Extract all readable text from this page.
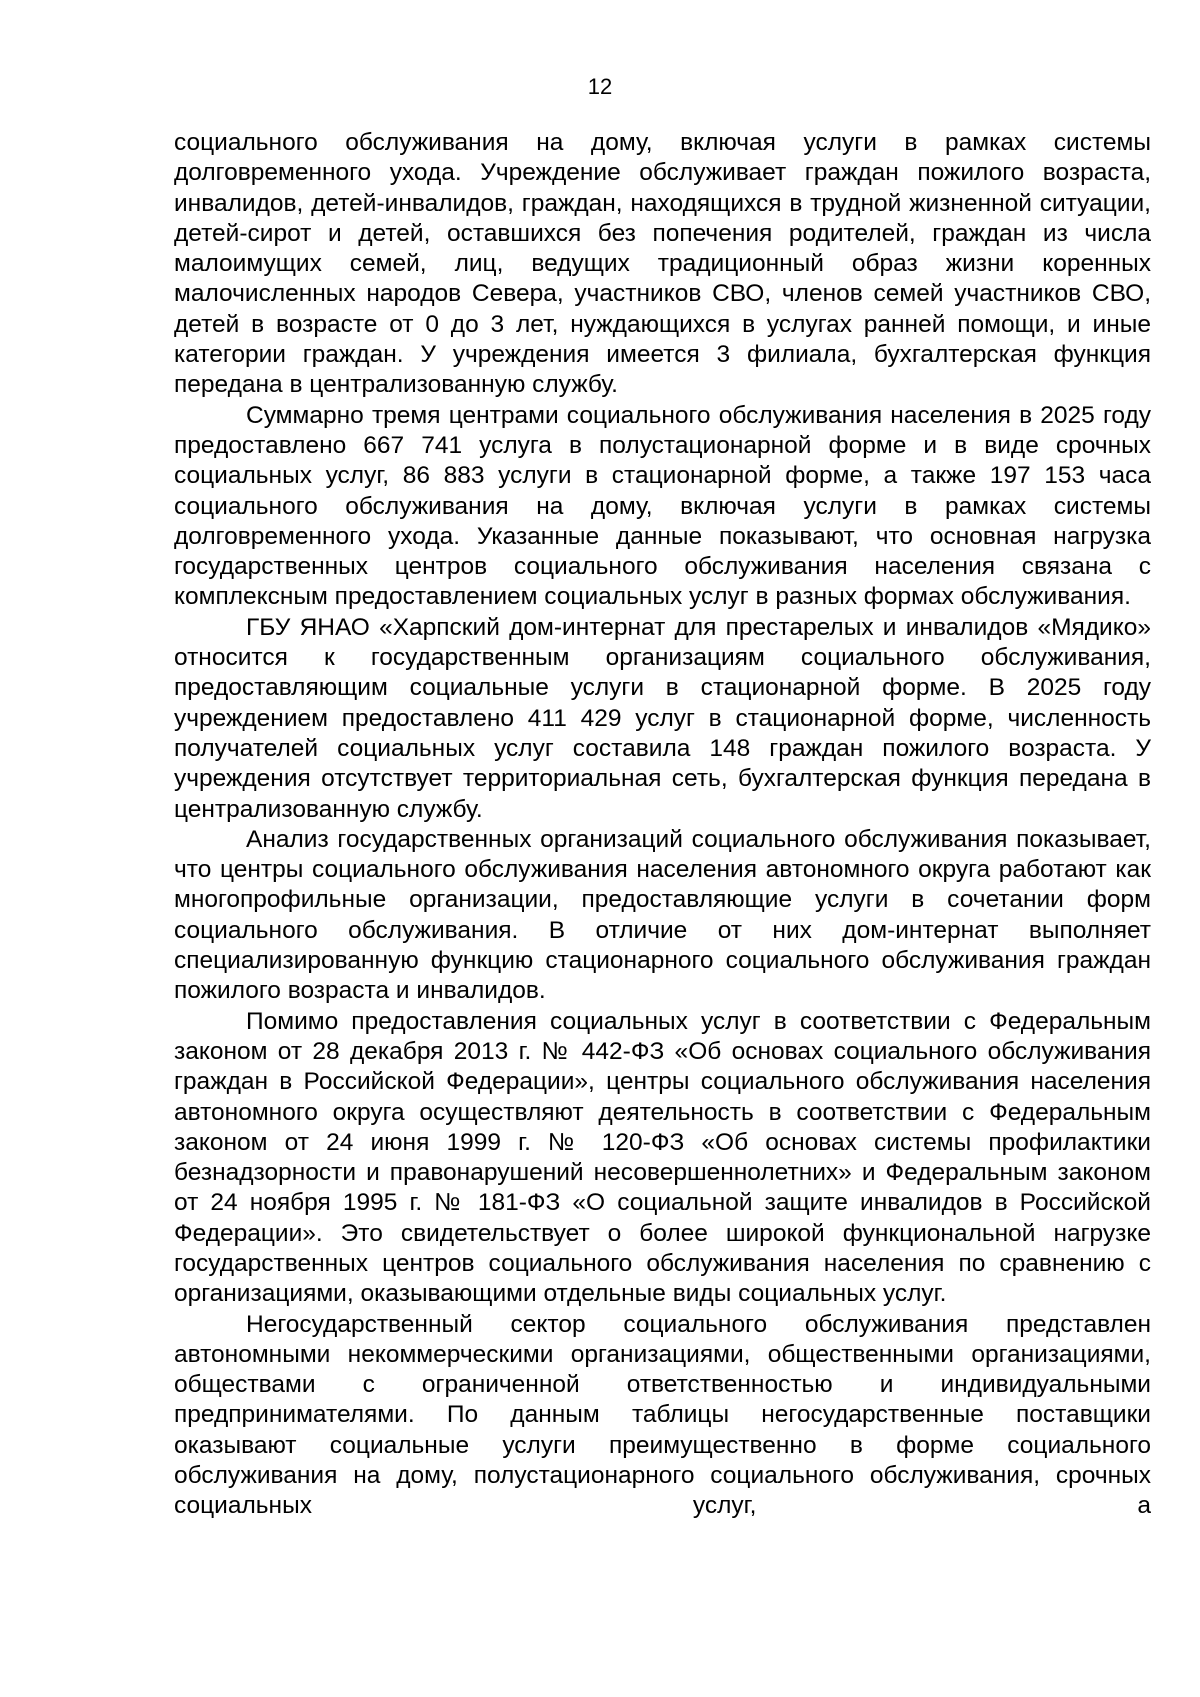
12

социального обслуживания на дому, включая услуги в рамках системы долговременного ухода. Учреждение обслуживает граждан пожилого возраста, инвалидов, детей-инвалидов, граждан, находящихся в трудной жизненной ситуации, детей-сирот и детей, оставшихся без попечения родителей, граждан из числа малоимущих семей, лиц, ведущих традиционный образ жизни коренных малочисленных народов Севера, участников СВО, членов семей участников СВО, детей в возрасте от 0 до 3 лет, нуждающихся в услугах ранней помощи, и иные категории граждан. У учреждения имеется 3 филиала, бухгалтерская функция передана в централизованную службу.

Суммарно тремя центрами социального обслуживания населения в 2025 году предоставлено 667 741 услуга в полустационарной форме и в виде срочных социальных услуг, 86 883 услуги в стационарной форме, а также 197 153 часа социального обслуживания на дому, включая услуги в рамках системы долговременного ухода. Указанные данные показывают, что основная нагрузка государственных центров социального обслуживания населения связана с комплексным предоставлением социальных услуг в разных формах обслуживания.

ГБУ ЯНАО «Харпский дом-интернат для престарелых и инвалидов «Мядико» относится к государственным организациям социального обслуживания, предоставляющим социальные услуги в стационарной форме. В 2025 году учреждением предоставлено 411 429 услуг в стационарной форме, численность получателей социальных услуг составила 148 граждан пожилого возраста. У учреждения отсутствует территориальная сеть, бухгалтерская функция передана в централизованную службу.

Анализ государственных организаций социального обслуживания показывает, что центры социального обслуживания населения автономного округа работают как многопрофильные организации, предоставляющие услуги в сочетании форм социального обслуживания. В отличие от них дом-интернат выполняет специализированную функцию стационарного социального обслуживания граждан пожилого возраста и инвалидов.

Помимо предоставления социальных услуг в соответствии с Федеральным законом от 28 декабря 2013 г. № 442-ФЗ «Об основах социального обслуживания граждан в Российской Федерации», центры социального обслуживания населения автономного округа осуществляют деятельность в соответствии с Федеральным законом от 24 июня 1999 г. № 120-ФЗ «Об основах системы профилактики безнадзорности и правонарушений несовершеннолетних» и Федеральным законом от 24 ноября 1995 г. № 181-ФЗ «О социальной защите инвалидов в Российской Федерации». Это свидетельствует о более широкой функциональной нагрузке государственных центров социального обслуживания населения по сравнению с организациями, оказывающими отдельные виды социальных услуг.

Негосударственный сектор социального обслуживания представлен автономными некоммерческими организациями, общественными организациями, обществами с ограниченной ответственностью и индивидуальными предпринимателями. По данным таблицы негосударственные поставщики оказывают социальные услуги преимущественно в форме социального обслуживания на дому, полустационарного социального обслуживания, срочных социальных услуг, а
